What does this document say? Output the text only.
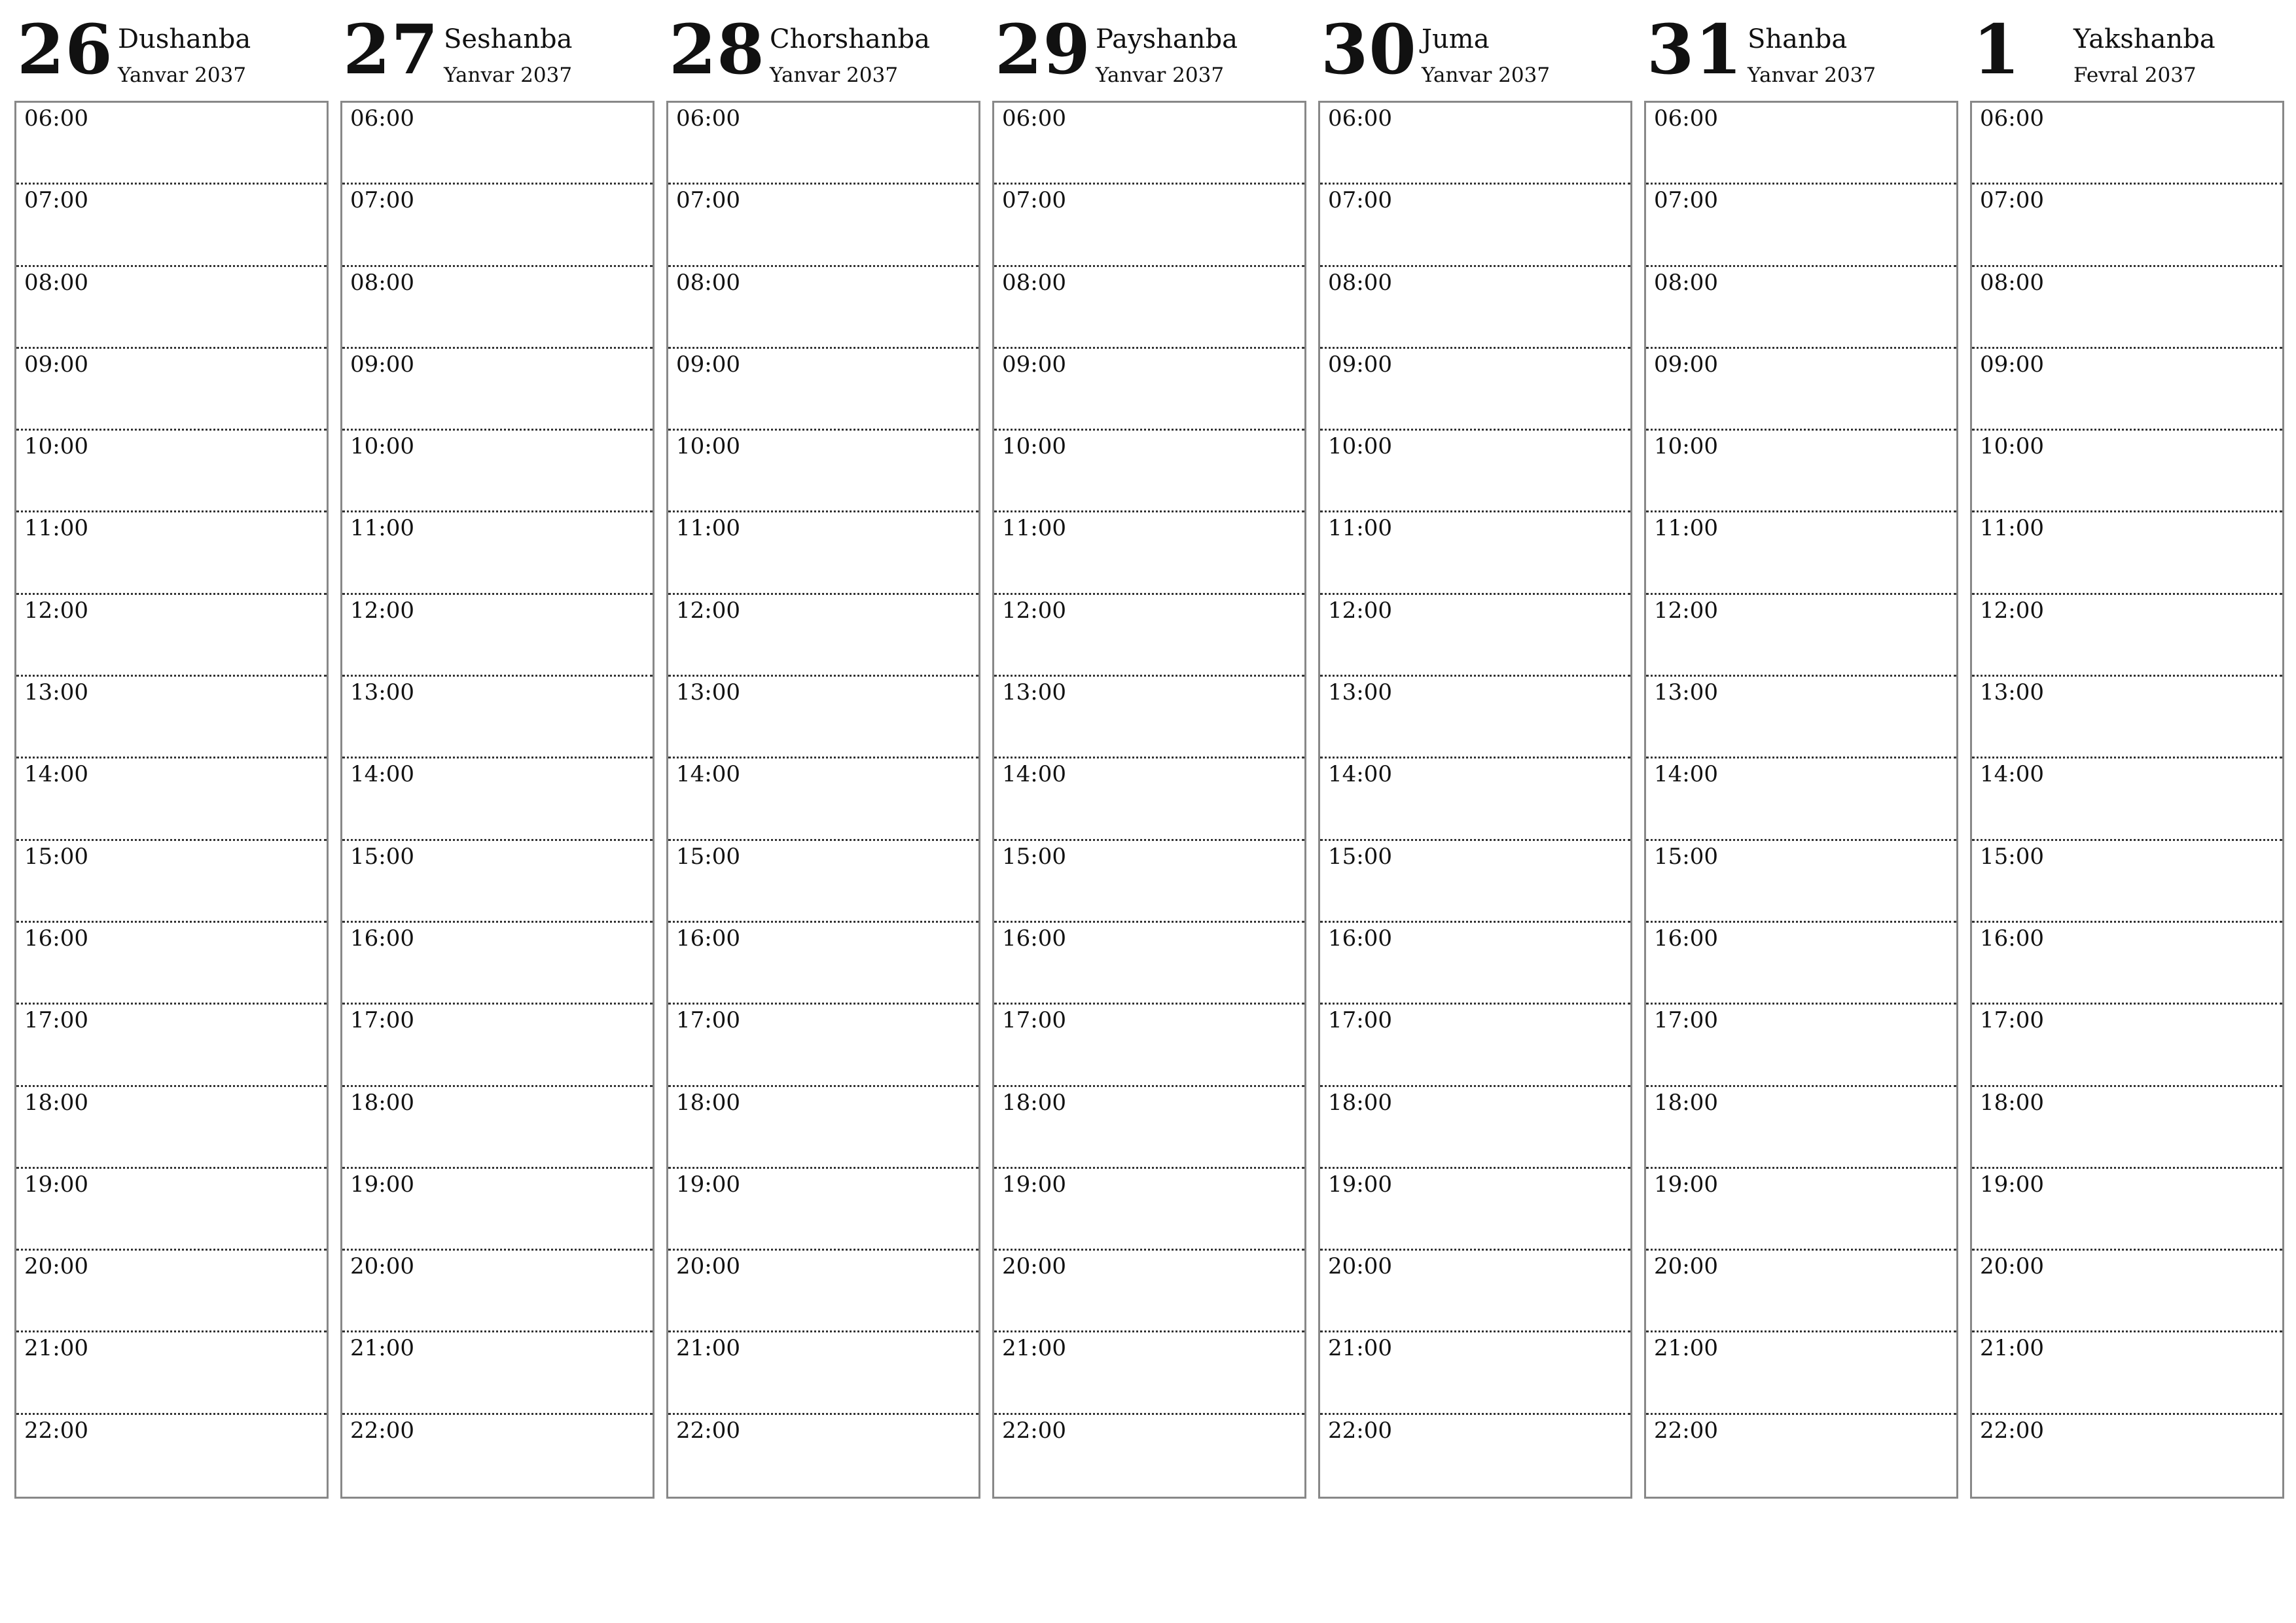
26 Dushanba
Yanvar 2037
06:00
07:00
08:00
09:00
10:00
11:00
12:00
13:00
14:00
15:00
16:00
17:00
18:00
19:00
20:00
21:00
22:00
27 Seshanba
Yanvar 2037
06:00
07:00
08:00
09:00
10:00
11:00
12:00
13:00
14:00
15:00
16:00
17:00
18:00
19:00
20:00
21:00
22:00
28 Chorshanba
Yanvar 2037
06:00
07:00
08:00
09:00
10:00
11:00
12:00
13:00
14:00
15:00
16:00
17:00
18:00
19:00
20:00
21:00
22:00
29 Payshanba
Yanvar 2037
06:00
07:00
08:00
09:00
10:00
11:00
12:00
13:00
14:00
15:00
16:00
17:00
18:00
19:00
20:00
21:00
22:00
30 Juma
Yanvar 2037
06:00
07:00
08:00
09:00
10:00
11:00
12:00
13:00
14:00
15:00
16:00
17:00
18:00
19:00
20:00
21:00
22:00
31 Shanba
Yanvar 2037
06:00
07:00
08:00
09:00
10:00
11:00
12:00
13:00
14:00
15:00
16:00
17:00
18:00
19:00
20:00
21:00
22:00
1 Yakshanba
Fevral 2037
06:00
07:00
08:00
09:00
10:00
11:00
12:00
13:00
14:00
15:00
16:00
17:00
18:00
19:00
20:00
21:00
22:00
